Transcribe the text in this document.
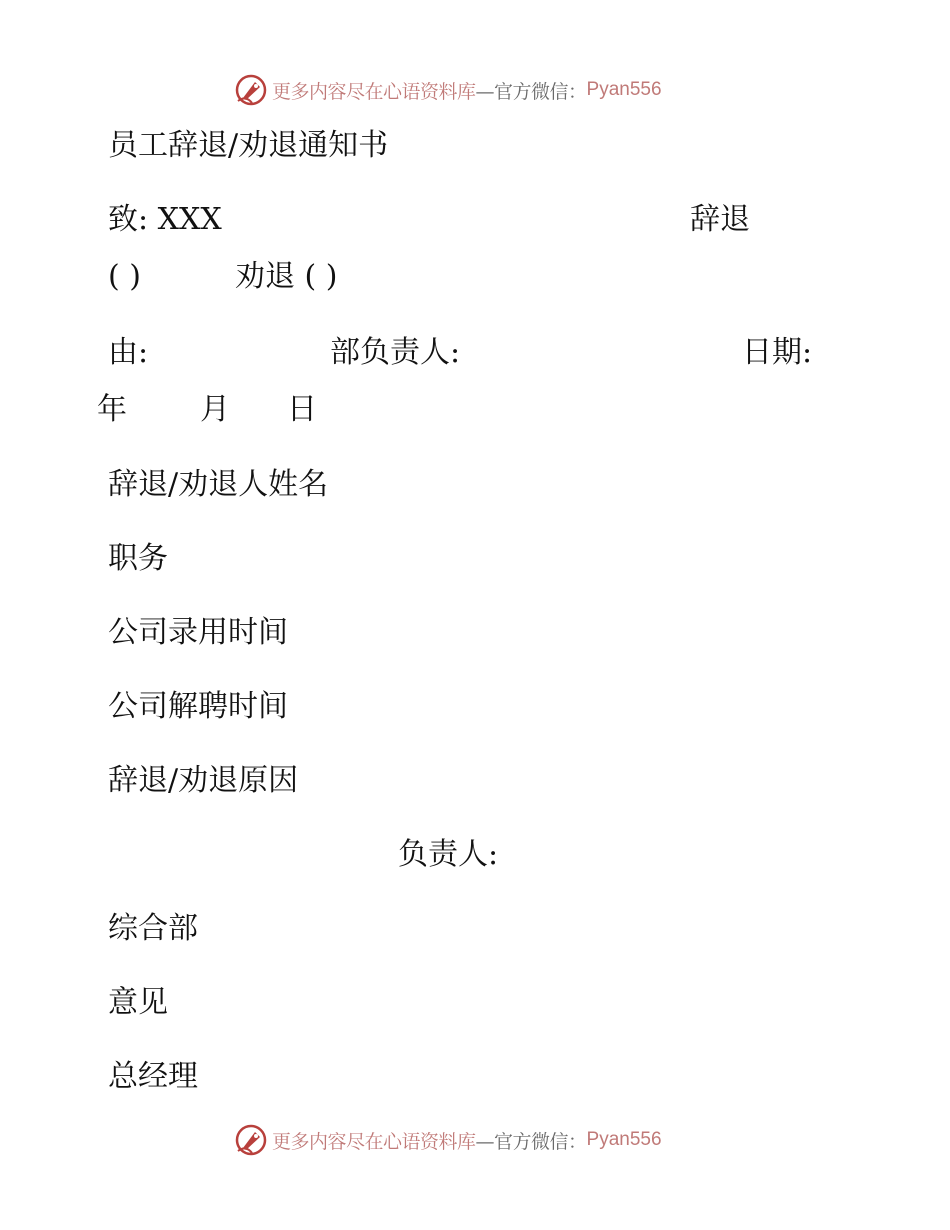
更多内容尽在心语资料库 —官方微信： Pyan556
员工辞退/劝退通知书
致: XXX	辞退
( )	劝退 ( )
由:	部负责人:	日期:
年 月 日
辞退/劝退人姓名
职务
公司录用时间
公司解聘时间
辞退/劝退原因
负责人:
综合部
意见
总经理
更多内容尽在心语资料库 —官方微信： Pyan556
